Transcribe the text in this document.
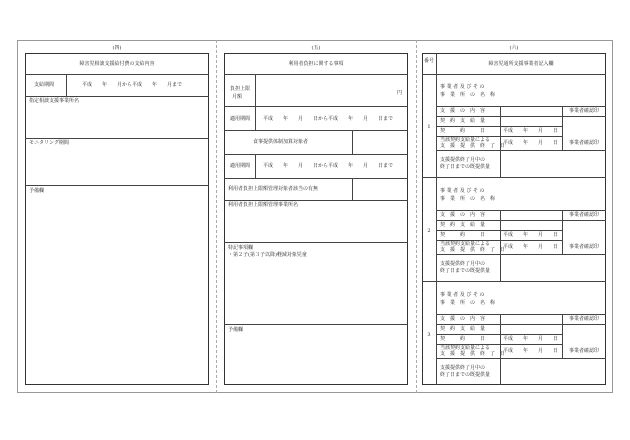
(四)
障害児相談支援給付費の支給内容
支給期間	平成　　年　　月から平成　　年　　月まで
指定相談支援事業所名
モニタリング期間
予備欄
(五)
利用者負担に関する事項
負担上限
月額
円
適用期間	平成　　年　　月　　日から平成　　年　　月　　日まで
食事提供体制加算対象者
適用期間	平成　　年　　月　　日から平成　　年　　月　　日まで
利用者負担上限額管理対象者該当の有無
利用者負担上限額管理事業所名
特記事項欄
・第２子(第３子以降)軽減対象児童
予備欄
(六)
番号	障害児通所支援事業者記入欄
1
事 業 者 及 び そ の
事　業　所　の　名　称
支　援　の　内　容	事業者確認印
契　約　支　給　量
契　　　約　　　日	平成　　年　　月　　日
当該契約支給量による
支　援　提　供　終　了　日
平成　　年　　月　　日	事業者確認印
支援提供終了月中の
終了日までの既提供量
2
事 業 者 及 び そ の
事　業　所　の　名　称
支　援　の　内　容	事業者確認印
契　約　支　給　量
契　　　約　　　日	平成　　年　　月　　日
当該契約支給量による
支　援　提　供　終　了　日
平成　　年　　月　　日	事業者確認印
支援提供終了月中の
終了日までの既提供量
3
事 業 者 及 び そ の
事　業　所　の　名　称
支　援　の　内　容	事業者確認印
契　約　支　給　量
契　　　約　　　日	平成　　年　　月　　日
当該契約支給量による
支　援　提　供　終　了　日
平成　　年　　月　　日	事業者確認印
支援提供終了月中の
終了日までの既提供量
